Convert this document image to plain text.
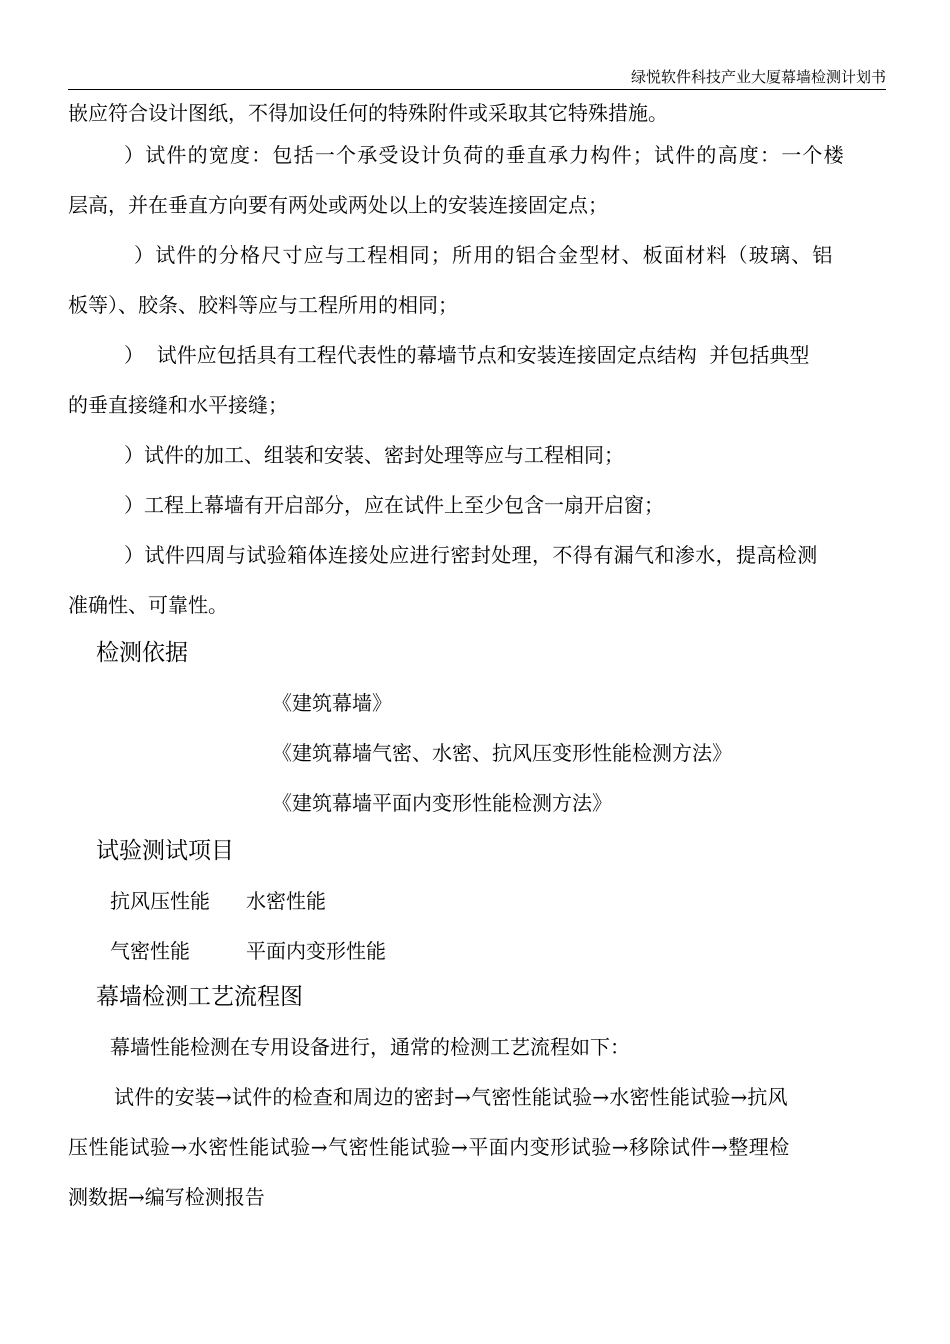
绿悦软件科技产业大厦幕墙检测计划书

嵌应符合设计图纸，不得加设任何的特殊附件或采取其它特殊措施。

）试件的宽度：包括一个承受设计负荷的垂直承力构件；试件的高度：一个楼
层高，并在垂直方向要有两处或两处以上的安装连接固定点；

）试件的分格尺寸应与工程相同；所用的铝合金型材、板面材料（玻璃、铝
板等）、胶条、胶料等应与工程所用的相同；

）  试件应包括具有工程代表性的幕墙节点和安装连接固定点结构  并包括典型
的垂直接缝和水平接缝；

）试件的加工、组装和安装、密封处理等应与工程相同；

）工程上幕墙有开启部分，应在试件上至少包含一扇开启窗；

）试件四周与试验箱体连接处应进行密封处理，不得有漏气和渗水，提高检测
准确性、可靠性。

检测依据

《建筑幕墙》

《建筑幕墙气密、水密、抗风压变形性能检测方法》

《建筑幕墙平面内变形性能检测方法》

试验测试项目
抗风压性能	水密性能
气密性能	平面内变形性能
幕墙检测工艺流程图

幕墙性能检测在专用设备进行，通常的检测工艺流程如下：

试件的安装→试件的检查和周边的密封→气密性能试验→水密性能试验→抗风
压性能试验→水密性能试验→气密性能试验→平面内变形试验→移除试件→整理检
测数据→编写检测报告
